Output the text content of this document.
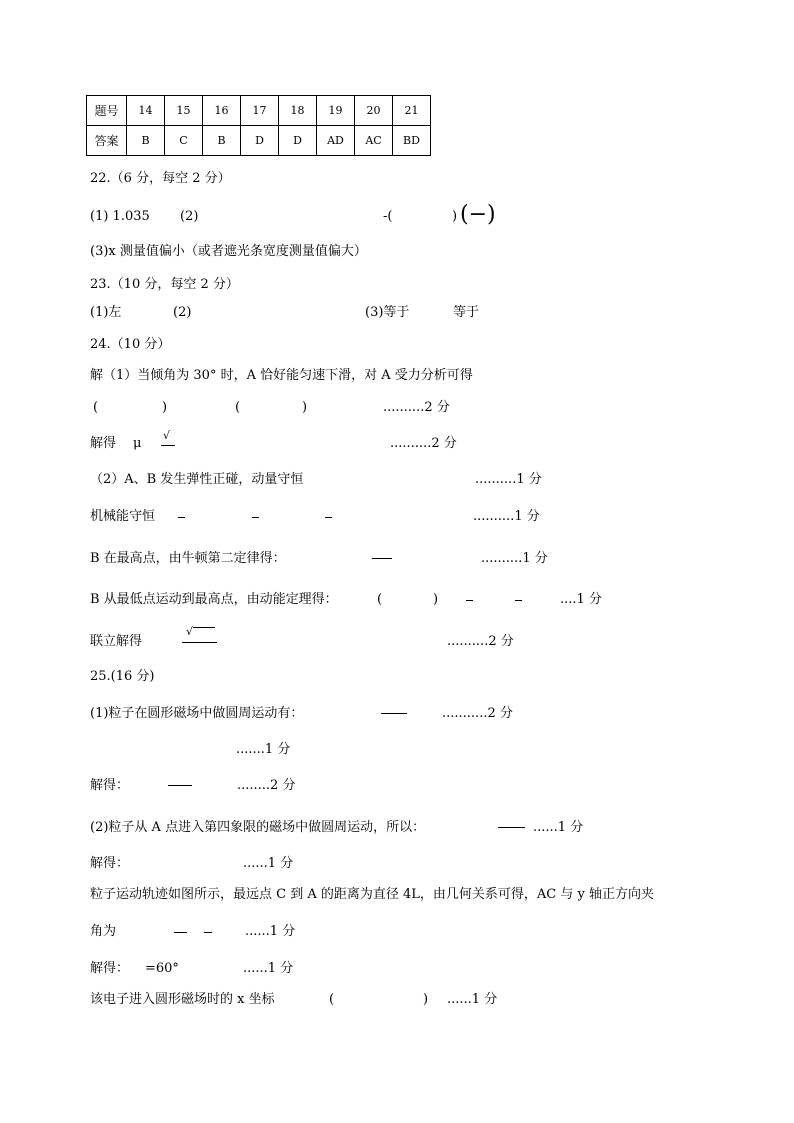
题号	14	15	16	17	18	19	20	21
答案	B	C	B	D	D	AD	AC	BD
22.（6 分，每空 2 分）
(1) 1.035 (2)	-(	) (−)
(3)x 测量值偏小（或者遮光条宽度测量值偏大）
23.（10 分，每空 2 分）
(1)左	(2)	(3)等于	等于
24.（10 分）
解（1）当倾角为 30° 时，A 恰好能匀速下滑，对 A 受力分析可得
(	)	(	)	..........2 分
解得 μ
√
..........2 分
（2）A、B 发生弹性正碰，动量守恒	..........1 分
机械能守恒	..........1 分
B 在最高点，由牛顿第二定律得：	..........1 分
B 从最低点运动到最高点，由动能定理得：	(	)	....1 分
联立解得
√
..........2 分
25.(16 分)
(1)粒子在圆形磁场中做圆周运动有：	...........2 分
.......1 分
解得：	........2 分
(2)粒子从 A 点进入第四象限的磁场中做圆周运动，所以：	......1 分
解得：	......1 分
粒子运动轨迹如图所示，最远点 C 到 A 的距离为直径 4L，由几何关系可得，AC 与 y 轴正方向夹
角为	......1 分
解得： =60°	......1 分
该电子进入圆形磁场时的 x 坐标	(	) ......1 分
